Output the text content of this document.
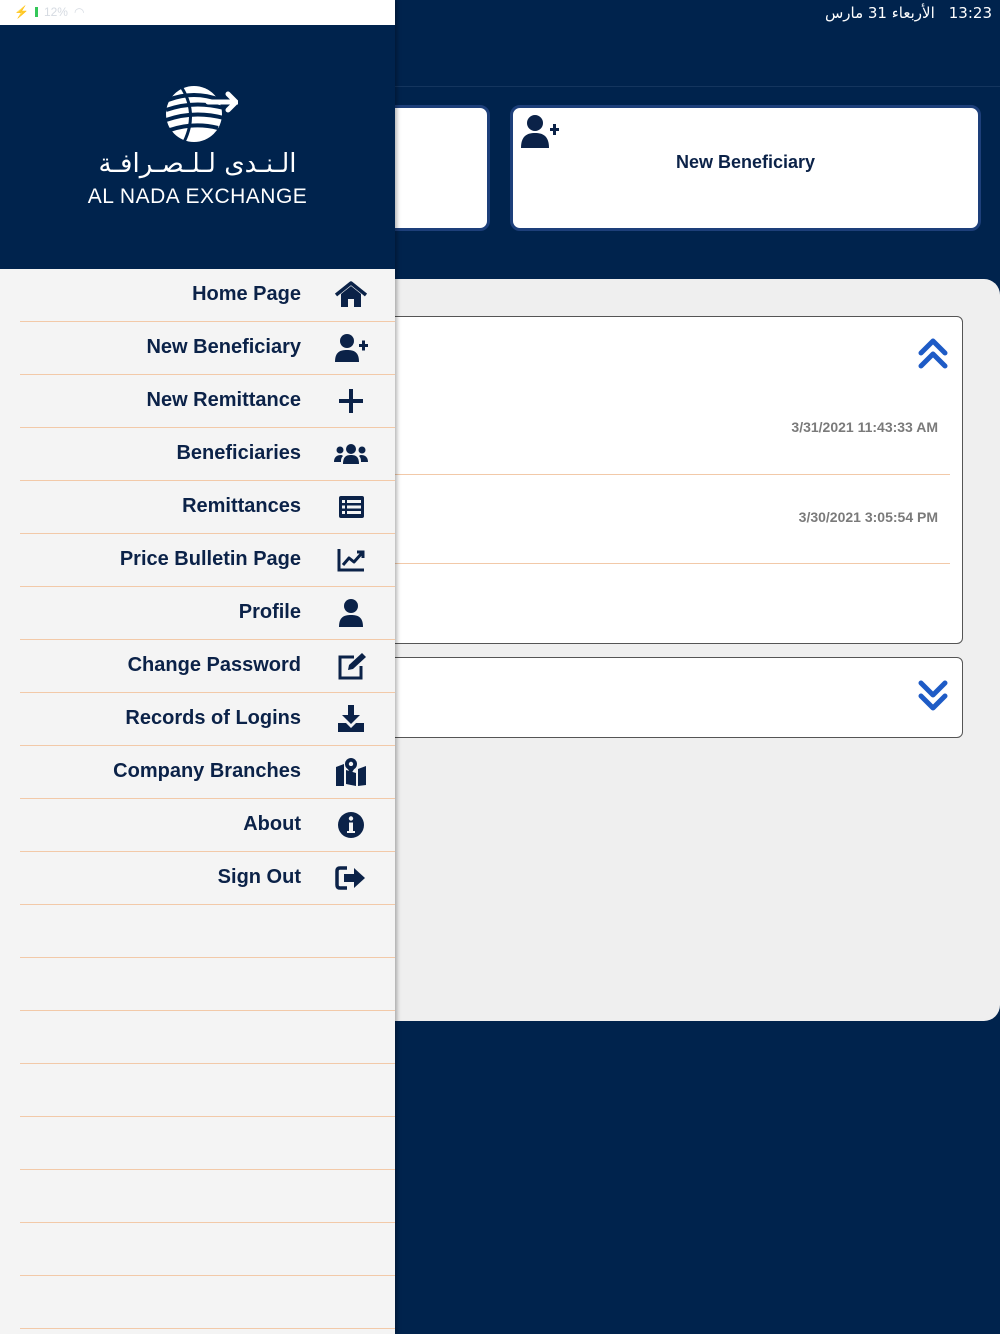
الأربعاء 31 مارس 13:23
New Beneficiary
3/31/2021 11:43:33 AM
3/30/2021 3:05:54 PM
⚡ 12% ◠
الـنـدى لـلـصـرافـة
AL NADA EXCHANGE
Home Page
New Beneficiary
New Remittance
Beneficiaries
Remittances
Price Bulletin Page
Profile
Change Password
Records of Logins
Company Branches
About
Sign Out
